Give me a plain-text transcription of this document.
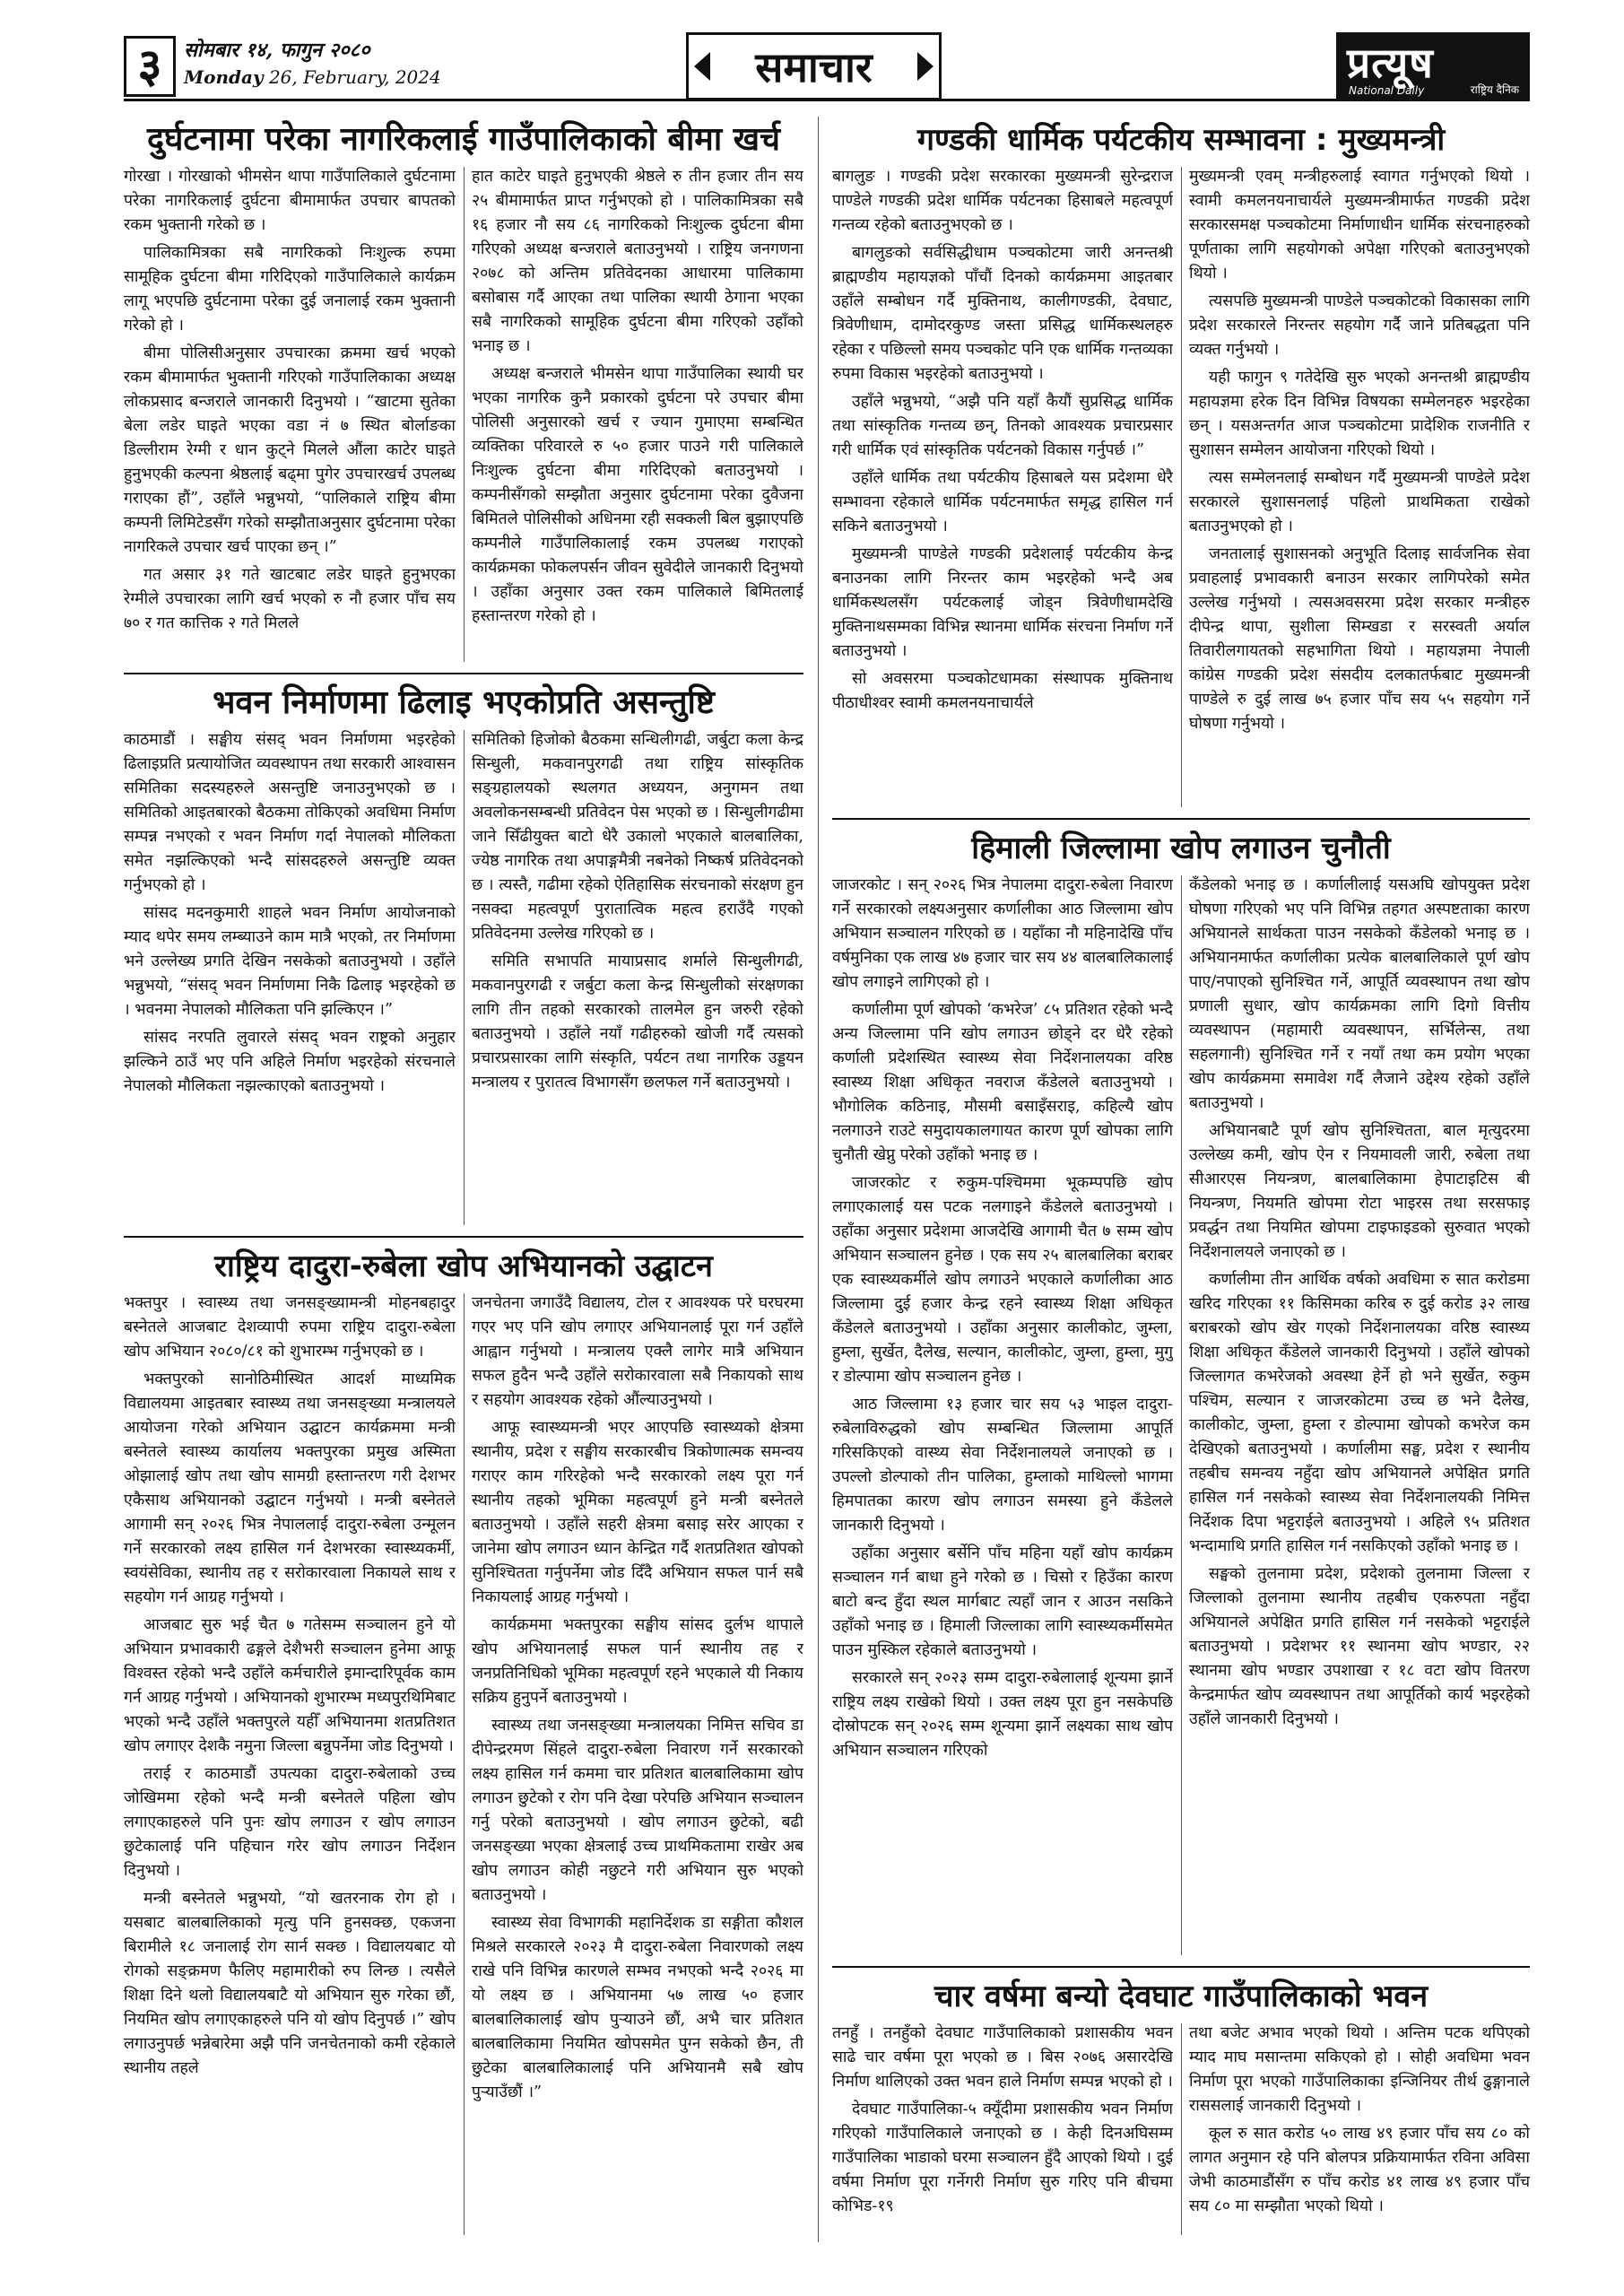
३	सोमबार १४, फागुन २०८०
Monday 26, February, 2024	समाचार	प्रत्यूष
National Daily	राष्ट्रिय दैनिक
दुर्घटनामा परेका नागरिकलाई गाउँपालिकाको बीमा खर्च

गोरखा । गोरखाको भीमसेन थापा गाउँपालिकाले दुर्घटनामा परेका नागरिकलाई दुर्घटना बीमामार्फत उपचार बापतको रकम भुक्तानी गरेको छ ।

पालिकामित्रका सबै नागरिकको निःशुल्क रुपमा सामूहिक दुर्घटना बीमा गरिदिएको गाउँपालिकाले कार्यक्रम लागू भएपछि दुर्घटनामा परेका दुई जनालाई रकम भुक्तानी गरेको हो ।

बीमा पोलिसीअनुसार उपचारका क्रममा खर्च भएको रकम बीमामार्फत भुक्तानी गरिएको गाउँपालिकाका अध्यक्ष लोकप्रसाद बन्जराले जानकारी दिनुभयो । “खाटमा सुतेका बेला लडेर घाइते भएका वडा नं ७ स्थित बोर्लाङका डिल्लीराम रेग्मी र धान कुट्ने मिलले औंला काटेर घाइते हुनुभएकी कल्पना श्रेष्ठलाई बढ्मा पुगेर उपचारखर्च उपलब्ध गराएका हौं”, उहाँले भन्नुभयो, “पालिकाले राष्ट्रिय बीमा कम्पनी लिमिटेडसँग गरेको सम्झौताअनुसार दुर्घटनामा परेका नागरिकले उपचार खर्च पाएका छन् ।”

गत असार ३१ गते खाटबाट लडेर घाइते हुनुभएका रेग्मीले उपचारका लागि खर्च भएको रु नौ हजार पाँच सय ७० र गत कात्तिक २ गते मिलले

हात काटेर घाइते हुनुभएकी श्रेष्ठले रु तीन हजार तीन सय २५ बीमामार्फत प्राप्त गर्नुभएको हो । पालिकामित्रका सबै १६ हजार नौ सय ८६ नागरिकको निःशुल्क दुर्घटना बीमा गरिएको अध्यक्ष बन्जराले बताउनुभयो । राष्ट्रिय जनगणना २०७८ को अन्तिम प्रतिवेदनका आधारमा पालिकामा बसोबास गर्दै आएका तथा पालिका स्थायी ठेगाना भएका सबै नागरिकको सामूहिक दुर्घटना बीमा गरिएको उहाँको भनाइ छ ।

अध्यक्ष बन्जराले भीमसेन थापा गाउँपालिका स्थायी घर भएका नागरिक कुनै प्रकारको दुर्घटना परे उपचार बीमा पोलिसी अनुसारको खर्च र ज्यान गुमाएमा सम्बन्धित व्यक्तिका परिवारले रु ५० हजार पाउने गरी पालिकाले निःशुल्क दुर्घटना बीमा गरिदिएको बताउनुभयो । कम्पनीसँगको सम्झौता अनुसार दुर्घटनामा परेका दुवैजना बिमितले पोलिसीको अधिनमा रही सक्कली बिल बुझाएपछि कम्पनीले गाउँपालिकालाई रकम उपलब्ध गराएको कार्यक्रमका फोकलपर्सन जीवन सुवेदीले जानकारी दिनुभयो । उहाँका अनुसार उक्त रकम पालिकाले बिमितलाई हस्तान्तरण गरेको हो ।

भवन निर्माणमा ढिलाइ भएकोप्रति असन्तुष्टि

काठमाडौं । सङ्घीय संसद् भवन निर्माणमा भइरहेको ढिलाइप्रति प्रत्यायोजित व्यवस्थापन तथा सरकारी आश्वासन समितिका सदस्यहरुले असन्तुष्टि जनाउनुभएको छ । समितिको आइतबारको बैठकमा तोकिएको अवधिमा निर्माण सम्पन्न नभएको र भवन निर्माण गर्दा नेपालको मौलिकता समेत नझल्किएको भन्दै सांसदहरुले असन्तुष्टि व्यक्त गर्नुभएको हो ।

सांसद मदनकुमारी शाहले भवन निर्माण आयोजनाको म्याद थपेर समय लम्ब्याउने काम मात्रै भएको, तर निर्माणमा भने उल्लेख्य प्रगति देखिन नसकेको बताउनुभयो । उहाँले भन्नुभयो, “संसद् भवन निर्माणमा निकै ढिलाइ भइरहेको छ । भवनमा नेपालको मौलिकता पनि झल्किएन ।”

सांसद नरपति लुवारले संसद् भवन राष्ट्रको अनुहार झल्किने ठाउँ भए पनि अहिले निर्माण भइरहेको संरचनाले नेपालको मौलिकता नझल्काएको बताउनुभयो ।

समितिको हिजोको बैठकमा सन्धिलीगढी, जर्बुटा कला केन्द्र सिन्धुली, मकवानपुरगढी तथा राष्ट्रिय सांस्कृतिक सङ्ग्रहालयको स्थलगत अध्ययन, अनुगमन तथा अवलोकनसम्बन्धी प्रतिवेदन पेस भएको छ । सिन्धुलीगढीमा जाने सिँढीयुक्त बाटो धेरै उकालो भएकाले बालबालिका, ज्येष्ठ नागरिक तथा अपाङ्गमैत्री नबनेको निष्कर्ष प्रतिवेदनको छ । त्यस्तै, गढीमा रहेको ऐतिहासिक संरचनाको संरक्षण हुन नसक्दा महत्वपूर्ण पुरातात्विक महत्व हराउँदै गएको प्रतिवेदनमा उल्लेख गरिएको छ ।

समिति सभापति मायाप्रसाद शर्माले सिन्धुलीगढी, मकवानपुरगढी र जर्बुटा कला केन्द्र सिन्धुलीको संरक्षणका लागि तीन तहको सरकारको तालमेल हुन जरुरी रहेको बताउनुभयो । उहाँले नयाँ गढीहरुको खोजी गर्दै त्यसको प्रचारप्रसारका लागि संस्कृति, पर्यटन तथा नागरिक उड्डयन मन्त्रालय र पुरातत्व विभागसँग छलफल गर्ने बताउनुभयो ।

राष्ट्रिय दादुरा-रुबेला खोप अभियानको उद्घाटन

भक्तपुर । स्वास्थ्य तथा जनसङ्ख्यामन्त्री मोहनबहादुर बस्नेतले आजबाट देशव्यापी रुपमा राष्ट्रिय दादुरा-रुबेला खोप अभियान २०८०/८१ को शुभारम्भ गर्नुभएको छ ।

भक्तपुरको सानोठिमीस्थित आदर्श माध्यमिक विद्यालयमा आइतबार स्वास्थ्य तथा जनसङ्ख्या मन्त्रालयले आयोजना गरेको अभियान उद्घाटन कार्यक्रममा मन्त्री बस्नेतले स्वास्थ्य कार्यालय भक्तपुरका प्रमुख अस्मिता ओझालाई खोप तथा खोप सामग्री हस्तान्तरण गरी देशभर एकैसाथ अभियानको उद्घाटन गर्नुभयो । मन्त्री बस्नेतले आगामी सन् २०२६ भित्र नेपाललाई दादुरा-रुबेला उन्मूलन गर्ने सरकारको लक्ष्य हासिल गर्न देशभरका स्वास्थ्यकर्मी, स्वयंसेविका, स्थानीय तह र सरोकारवाला निकायले साथ र सहयोग गर्न आग्रह गर्नुभयो ।

आजबाट सुरु भई चैत ७ गतेसम्म सञ्चालन हुने यो अभियान प्रभावकारी ढङ्गले देशैभरी सञ्चालन हुनेमा आफू विश्वस्त रहेको भन्दै उहाँले कर्मचारीले इमान्दारिपूर्वक काम गर्न आग्रह गर्नुभयो । अभियानको शुभारम्भ मध्यपुरथिमिबाट भएको भन्दै उहाँले भक्तपुरले यहीँ अभियानमा शतप्रतिशत खोप लगाएर देशकै नमुना जिल्ला बन्नुपर्नेमा जोड दिनुभयो ।

तराई र काठमाडौं उपत्यका दादुरा-रुबेलाको उच्च जोखिममा रहेको भन्दै मन्त्री बस्नेतले पहिला खोप लगाएकाहरुले पनि पुनः खोप लगाउन र खोप लगाउन छुटेकालाई पनि पहिचान गरेर खोप लगाउन निर्देशन दिनुभयो ।

मन्त्री बस्नेतले भन्नुभयो, “यो खतरनाक रोग हो । यसबाट बालबालिकाको मृत्यु पनि हुनसक्छ, एकजना बिरामीले १८ जनालाई रोग सार्न सक्छ । विद्यालयबाट यो रोगको सङ्क्रमण फैलिए महामारीको रुप लिन्छ । त्यसैले शिक्षा दिने थलो विद्यालयबाटै यो अभियान सुरु गरेका छौं, नियमित खोप लगाएकाहरुले पनि यो खोप दिनुपर्छ ।” खोप लगाउनुपर्छ भन्नेबारेमा अझै पनि जनचेतनाको कमी रहेकाले स्थानीय तहले

जनचेतना जगाउँदै विद्यालय, टोल र आवश्यक परे घरघरमा गएर भए पनि खोप लगाएर अभियानलाई पूरा गर्न उहाँले आह्वान गर्नुभयो । मन्त्रालय एक्लै लागेर मात्रै अभियान सफल हुदैन भन्दै उहाँले सरोकारवाला सबै निकायको साथ र सहयोग आवश्यक रहेको औंल्याउनुभयो ।

आफू स्वास्थ्यमन्त्री भएर आएपछि स्वास्थ्यको क्षेत्रमा स्थानीय, प्रदेश र सङ्घीय सरकारबीच त्रिकोणात्मक समन्वय गराएर काम गरिरहेको भन्दै सरकारको लक्ष्य पूरा गर्न स्थानीय तहको भूमिका महत्वपूर्ण हुने मन्त्री बस्नेतले बताउनुभयो । उहाँले सहरी क्षेत्रमा बसाइ सरेर आएका र जानेमा खोप लगाउन ध्यान केन्द्रित गर्दै शतप्रतिशत खोपको सुनिश्चितता गर्नुपर्नेमा जोड दिँदै अभियान सफल पार्न सबै निकायलाई आग्रह गर्नुभयो ।

कार्यक्रममा भक्तपुरका सङ्घीय सांसद दुर्लभ थापाले खोप अभियानलाई सफल पार्न स्थानीय तह र जनप्रतिनिधिको भूमिका महत्वपूर्ण रहने भएकाले यी निकाय सक्रिय हुनुपर्ने बताउनुभयो ।

स्वास्थ्य तथा जनसङ्ख्या मन्त्रालयका निमित्त सचिव डा दीपेन्द्ररमण सिंहले दादुरा-रुबेला निवारण गर्ने सरकारको लक्ष्य हासिल गर्न कममा चार प्रतिशत बालबालिकामा खोप लगाउन छुटेको र रोग पनि देखा परेपछि अभियान सञ्चालन गर्नु परेको बताउनुभयो । खोप लगाउन छुटेको, बढी जनसङ्ख्या भएका क्षेत्रलाई उच्च प्राथमिकतामा राखेर अब खोप लगाउन कोही नछुटने गरी अभियान सुरु भएको बताउनुभयो ।

स्वास्थ्य सेवा विभागकी महानिर्देशक डा सङ्गीता कौशल मिश्रले सरकारले २०२३ मै दादुरा-रुबेला निवारणको लक्ष्य राखे पनि विभिन्न कारणले सम्भव नभएको भन्दै २०२६ मा यो लक्ष्य छ । अभियानमा ५७ लाख ५० हजार बालबालिकालाई खोप पुऱ्याउने छौं, अभै चार प्रतिशत बालबालिकामा नियमित खोपसमेत पुग्न सकेको छैन, ती छुटेका बालबालिकालाई पनि अभियानमै सबै खोप पुऱ्याउँछौं ।”

गण्डकी धार्मिक पर्यटकीय सम्भावना : मुख्यमन्त्री

बागलुङ । गण्डकी प्रदेश सरकारका मुख्यमन्त्री सुरेन्द्रराज पाण्डेले गण्डकी प्रदेश धार्मिक पर्यटनका हिसाबले महत्वपूर्ण गन्तव्य रहेको बताउनुभएको छ ।

बागलुङको सर्वसिद्धीधाम पञ्चकोटमा जारी अनन्तश्री ब्राह्मण्डीय महायज्ञको पाँचौं दिनको कार्यक्रममा आइतबार उहाँले सम्बोधन गर्दै मुक्तिनाथ, कालीगण्डकी, देवघाट, त्रिवेणीधाम, दामोदरकुण्ड जस्ता प्रसिद्ध धार्मिकस्थलहरु रहेका र पछिल्लो समय पञ्चकोट पनि एक धार्मिक गन्तव्यका रुपमा विकास भइरहेको बताउनुभयो ।

उहाँले भन्नुभयो, “अझै पनि यहाँ कैयौं सुप्रसिद्ध धार्मिक तथा सांस्कृतिक गन्तव्य छन्, तिनको आवश्यक प्रचारप्रसार गरी धार्मिक एवं सांस्कृतिक पर्यटनको विकास गर्नुपर्छ ।”

उहाँले धार्मिक तथा पर्यटकीय हिसाबले यस प्रदेशमा धेरै सम्भावना रहेकाले धार्मिक पर्यटनमार्फत समृद्ध हासिल गर्न सकिने बताउनुभयो ।

मुख्यमन्त्री पाण्डेले गण्डकी प्रदेशलाई पर्यटकीय केन्द्र बनाउनका लागि निरन्तर काम भइरहेको भन्दै अब धार्मिकस्थलसँग पर्यटकलाई जोड्न त्रिवेणीधामदेखि मुक्तिनाथसम्मका विभिन्न स्थानमा धार्मिक संरचना निर्माण गर्ने बताउनुभयो ।

सो अवसरमा पञ्चकोटधामका संस्थापक मुक्तिनाथ पीठाधीश्वर स्वामी कमलनयनाचार्यले

मुख्यमन्त्री एवम् मन्त्रीहरुलाई स्वागत गर्नुभएको थियो । स्वामी कमलनयनाचार्यले मुख्यमन्त्रीमार्फत गण्डकी प्रदेश सरकारसमक्ष पञ्चकोटमा निर्माणाधीन धार्मिक संरचनाहरुको पूर्णताका लागि सहयोगको अपेक्षा गरिएको बताउनुभएको थियो ।

त्यसपछि मुख्यमन्त्री पाण्डेले पञ्चकोटको विकासका लागि प्रदेश सरकारले निरन्तर सहयोग गर्दै जाने प्रतिबद्धता पनि व्यक्त गर्नुभयो ।

यही फागुन ९ गतेदेखि सुरु भएको अनन्तश्री ब्राह्मण्डीय महायज्ञमा हरेक दिन विभिन्न विषयका सम्मेलनहरु भइरहेका छन् । यसअन्तर्गत आज पञ्चकोटमा प्रादेशिक राजनीति र सुशासन सम्मेलन आयोजना गरिएको थियो ।

त्यस सम्मेलनलाई सम्बोधन गर्दै मुख्यमन्त्री पाण्डेले प्रदेश सरकारले सुशासनलाई पहिलो प्राथमिकता राखेको बताउनुभएको हो ।

जनतालाई सुशासनको अनुभूति दिलाइ सार्वजनिक सेवा प्रवाहलाई प्रभावकारी बनाउन सरकार लागिपरेको समेत उल्लेख गर्नुभयो । त्यसअवसरमा प्रदेश सरकार मन्त्रीहरु दीपेन्द्र थापा, सुशीला सिम्खडा र सरस्वती अर्याल तिवारीलगायतको सहभागिता थियो । महायज्ञमा नेपाली कांग्रेस गण्डकी प्रदेश संसदीय दलकातर्फबाट मुख्यमन्त्री पाण्डेले रु दुई लाख ७५ हजार पाँच सय ५५ सहयोग गर्ने घोषणा गर्नुभयो ।

हिमाली जिल्लामा खोप लगाउन चुनौती

जाजरकोट । सन् २०२६ भित्र नेपालमा दादुरा-रुबेला निवारण गर्ने सरकारको लक्ष्यअनुसार कर्णालीका आठ जिल्लामा खोप अभियान सञ्चालन गरिएको छ । यहाँका नौ महिनादेखि पाँच वर्षमुनिका एक लाख ४७ हजार चार सय ४४ बालबालिकालाई खोप लगाइने लागिएको हो ।

कर्णालीमा पूर्ण खोपको ‘कभरेज’ ८५ प्रतिशत रहेको भन्दै अन्य जिल्लामा पनि खोप लगाउन छोड्ने दर धेरै रहेको कर्णाली प्रदेशस्थित स्वास्थ्य सेवा निर्देशनालयका वरिष्ठ स्वास्थ्य शिक्षा अधिकृत नवराज कँडेलले बताउनुभयो । भौगोलिक कठिनाइ, मौसमी बसाइँसराइ, कहिल्यै खोप नलगाउने राउटे समुदायकालगायत कारण पूर्ण खोपका लागि चुनौती खेप्नु परेको उहाँको भनाइ छ ।

जाजरकोट र रुकुम-पश्चिममा भूकम्पपछि खोप लगाएकालाई यस पटक नलगाइने कँडेलले बताउनुभयो । उहाँका अनुसार प्रदेशमा आजदेखि आगामी चैत ७ सम्म खोप अभियान सञ्चालन हुनेछ । एक सय २५ बालबालिका बराबर एक स्वास्थ्यकर्मीले खोप लगाउने भएकाले कर्णालीका आठ जिल्लामा दुई हजार केन्द्र रहने स्वास्थ्य शिक्षा अधिकृत कँडेलले बताउनुभयो । उहाँका अनुसार कालीकोट, जुम्ला, हुम्ला, सुर्खेत, दैलेख, सल्यान, कालीकोट, जुम्ला, हुम्ला, मुगु र डोल्पामा खोप सञ्चालन हुनेछ ।

आठ जिल्लामा १३ हजार चार सय ५३ भाइल दादुरा-रुबेलाविरुद्धको खोप सम्बन्धित जिल्लामा आपूर्ति गरिसकिएको वास्थ्य सेवा निर्देशनालयले जनाएको छ । उपल्लो डोल्पाको तीन पालिका, हुम्लाको माथिल्लो भागमा हिमपातका कारण खोप लगाउन समस्या हुने कँडेलले जानकारी दिनुभयो ।

उहाँका अनुसार बर्सेनि पाँच महिना यहाँ खोप कार्यक्रम सञ्चालन गर्न बाधा हुने गरेको छ । चिसो र हिउँका कारण बाटो बन्द हुँदा स्थल मार्गबाट त्यहाँ जान र आउन नसकिने उहाँको भनाइ छ । हिमाली जिल्लाका लागि स्वास्थ्यकर्मीसमेत पाउन मुस्किल रहेकाले बताउनुभयो ।

सरकारले सन् २०२३ सम्म दादुरा-रुबेलालाई शून्यमा झार्ने राष्ट्रिय लक्ष्य राखेको थियो । उक्त लक्ष्य पूरा हुन नसकेपछि दोस्रोपटक सन् २०२६ सम्म शून्यमा झार्ने लक्ष्यका साथ खोप अभियान सञ्चालन गरिएको

कँडेलको भनाइ छ । कर्णालीलाई यसअघि खोपयुक्त प्रदेश घोषणा गरिएको भए पनि विभिन्न तहगत अस्पष्टताका कारण अभियानले सार्थकता पाउन नसकेको कँडेलको भनाइ छ । अभियानमार्फत कर्णालीका प्रत्येक बालबालिकाले पूर्ण खोप पाए/नपाएको सुनिश्चित गर्ने, आपूर्ति व्यवस्थापन तथा खोप प्रणाली सुधार, खोप कार्यक्रमका लागि दिगो वित्तीय व्यवस्थापन (महामारी व्यवस्थापन, सर्भिलेन्स, तथा सहलगानी) सुनिश्चित गर्ने र नयाँ तथा कम प्रयोग भएका खोप कार्यक्रममा समावेश गर्दै लैजाने उद्देश्य रहेको उहाँले बताउनुभयो ।

अभियानबाटै पूर्ण खोप सुनिश्चितता, बाल मृत्युदरमा उल्लेख्य कमी, खोप ऐन र नियमावली जारी, रुबेला तथा सीआरएस नियन्त्रण, बालबालिकामा हेपाटाइटिस बी नियन्त्रण, नियमति खोपमा रोटा भाइरस तथा सरसफाइ प्रवर्द्धन तथा नियमित खोपमा टाइफाइडको सुरुवात भएको निर्देशनालयले जनाएको छ ।

कर्णालीमा तीन आर्थिक वर्षको अवधिमा रु सात करोडमा खरिद गरिएका ११ किसिमका करिब रु दुई करोड ३२ लाख बराबरको खोप खेर गएको निर्देशनालयका वरिष्ठ स्वास्थ्य शिक्षा अधिकृत कँडेलले जानकारी दिनुभयो । उहाँले खोपको जिल्लागत कभरेजको अवस्था हेर्ने हो भने सुर्खेत, रुकुम पश्चिम, सल्यान र जाजरकोटमा उच्च छ भने दैलेख, कालीकोट, जुम्ला, हुम्ला र डोल्पामा खोपको कभरेज कम देखिएको बताउनुभयो । कर्णालीमा सङ्घ, प्रदेश र स्थानीय तहबीच समन्वय नहुँदा खोप अभियानले अपेक्षित प्रगति हासिल गर्न नसकेको स्वास्थ्य सेवा निर्देशनालयकी निमित्त निर्देशक दिपा भट्टराईले बताउनुभयो । अहिले ९५ प्रतिशत भन्दामाथि प्रगति हासिल गर्न नसकिएको उहाँको भनाइ छ ।

सङ्घको तुलनामा प्रदेश, प्रदेशको तुलनामा जिल्ला र जिल्लाको तुलनामा स्थानीय तहबीच एकरुपता नहुँदा अभियानले अपेक्षित प्रगति हासिल गर्न नसकेको भट्टराईले बताउनुभयो । प्रदेशभर ११ स्थानमा खोप भण्डार, २२ स्थानमा खोप भण्डार उपशाखा र १८ वटा खोप वितरण केन्द्रमार्फत खोप व्यवस्थापन तथा आपूर्तिको कार्य भइरहेको उहाँले जानकारी दिनुभयो ।

चार वर्षमा बन्यो देवघाट गाउँपालिकाको भवन

तनहुँ । तनहुँको देवघाट गाउँपालिकाको प्रशासकीय भवन साढे चार वर्षमा पूरा भएको छ । बिस २०७६ असारदेखि निर्माण थालिएको उक्त भवन हाले निर्माण सम्पन्न भएको हो ।

देवघाट गाउँपालिका-५ क्यूँदीमा प्रशासकीय भवन निर्माण गरिएको गाउँपालिकाले जनाएको छ । केही दिनअघिसम्म गाउँपालिका भाडाको घरमा सञ्चालन हुँदै आएको थियो । दुई वर्षमा निर्माण पूरा गर्नेगरी निर्माण सुरु गरिए पनि बीचमा कोभिड-१९

तथा बजेट अभाव भएको थियो । अन्तिम पटक थपिएको म्याद माघ मसान्तमा सकिएको हो । सोही अवधिमा भवन निर्माण पूरा भएको गाउँपालिकाका इन्जिनियर तीर्थ ढुङ्गानाले राससलाई जानकारी दिनुभयो ।

कूल रु सात करोड ५० लाख ४९ हजार पाँच सय ८० को लागत अनुमान रहे पनि बोलपत्र प्रक्रियामार्फत रविना अविसा जेभी काठमाडौंसँग रु पाँच करोड ४१ लाख ४९ हजार पाँच सय ८० मा सम्झौता भएको थियो ।
